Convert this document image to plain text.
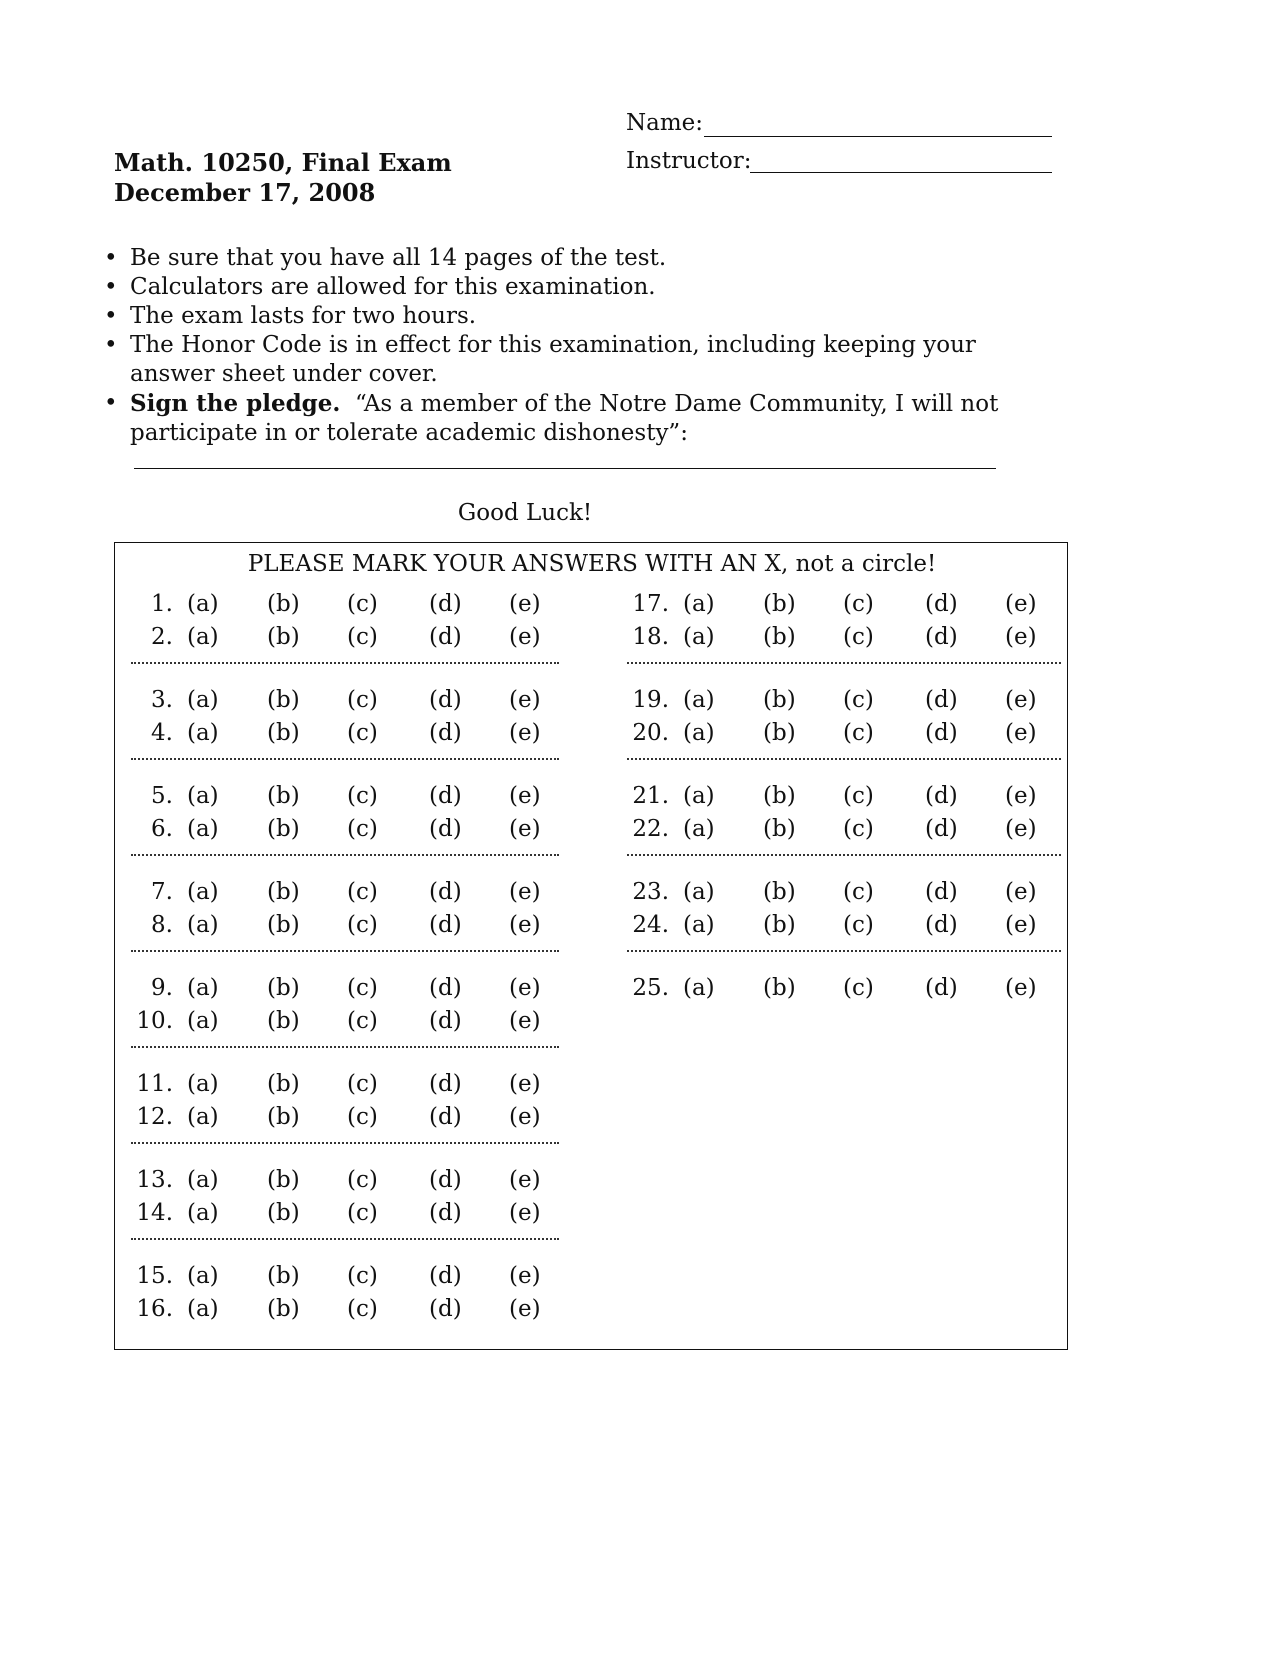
Math. 10250, Final Exam
December 17, 2008
Name:
Instructor:
• Be sure that you have all 14 pages of the test.
• Calculators are allowed for this examination.
• The exam lasts for two hours.
• The Honor Code is in effect for this examination, including keeping your answer sheet under cover.
• Sign the pledge. “As a member of the Notre Dame Community, I will not participate in or tolerate academic dishonesty”:
Good Luck!
PLEASE MARK YOUR ANSWERS WITH AN X, not a circle!
1. (a) (b) (c) (d) (e)
2. (a) (b) (c) (d) (e)
3. (a) (b) (c) (d) (e)
4. (a) (b) (c) (d) (e)
5. (a) (b) (c) (d) (e)
6. (a) (b) (c) (d) (e)
7. (a) (b) (c) (d) (e)
8. (a) (b) (c) (d) (e)
9. (a) (b) (c) (d) (e)
10. (a) (b) (c) (d) (e)
11. (a) (b) (c) (d) (e)
12. (a) (b) (c) (d) (e)
13. (a) (b) (c) (d) (e)
14. (a) (b) (c) (d) (e)
15. (a) (b) (c) (d) (e)
16. (a) (b) (c) (d) (e)
17. (a) (b) (c) (d) (e)
18. (a) (b) (c) (d) (e)
19. (a) (b) (c) (d) (e)
20. (a) (b) (c) (d) (e)
21. (a) (b) (c) (d) (e)
22. (a) (b) (c) (d) (e)
23. (a) (b) (c) (d) (e)
24. (a) (b) (c) (d) (e)
25. (a) (b) (c) (d) (e)
